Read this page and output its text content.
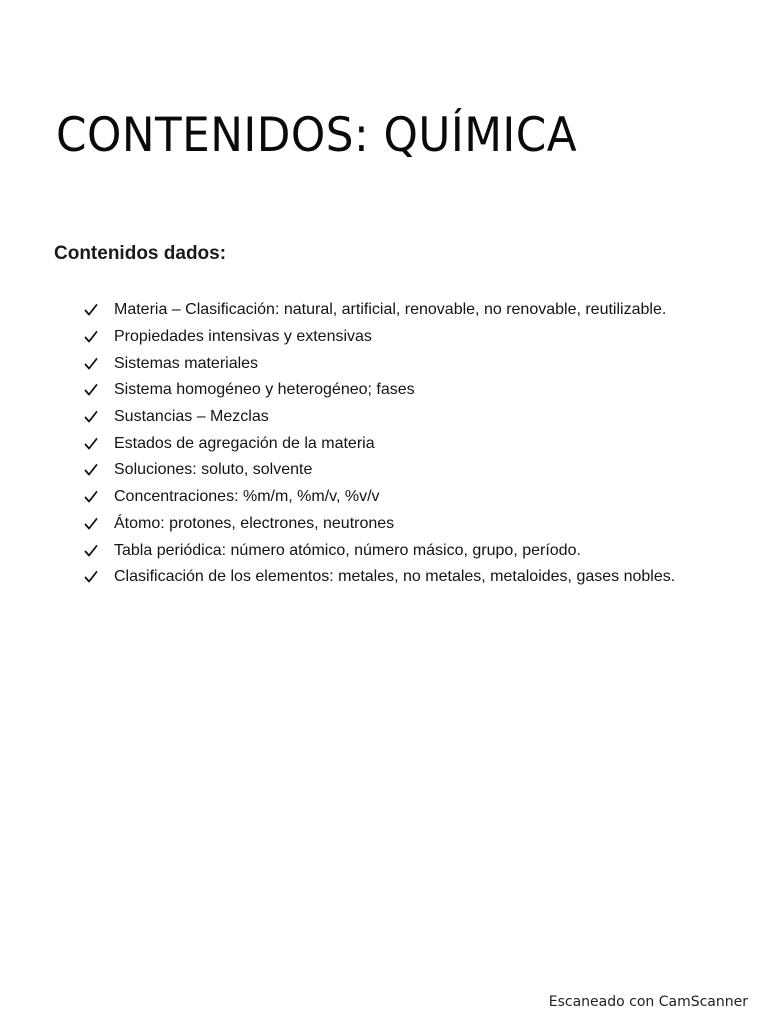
CONTENIDOS: QUÍMICA
Contenidos dados:
Materia – Clasificación: natural, artificial, renovable, no renovable, reutilizable.
Propiedades intensivas y extensivas
Sistemas materiales
Sistema homogéneo y heterogéneo; fases
Sustancias – Mezclas
Estados de agregación de la materia
Soluciones: soluto, solvente
Concentraciones: %m/m, %m/v, %v/v
Átomo: protones, electrones, neutrones
Tabla periódica: número atómico, número másico, grupo, período.
Clasificación de los elementos: metales, no metales, metaloides, gases nobles.
Escaneado con CamScanner
